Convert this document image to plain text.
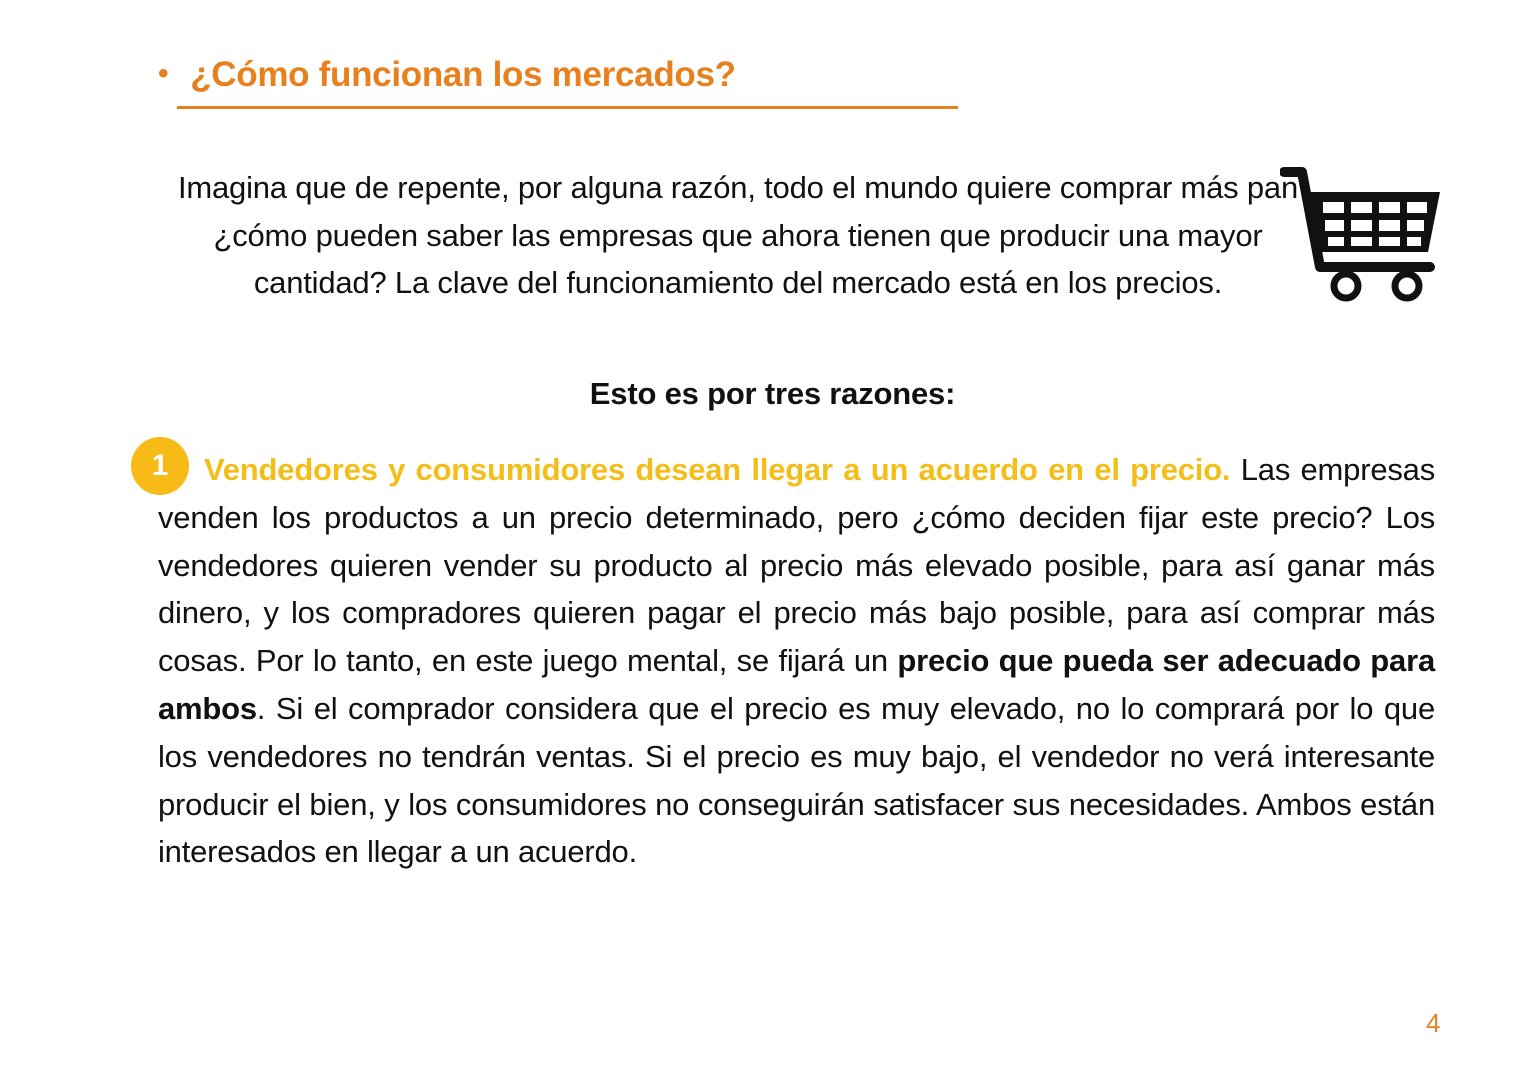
• ¿Cómo funcionan los mercados?
Imagina que de repente, por alguna razón, todo el mundo quiere comprar más pan ¿cómo pueden saber las empresas que ahora tienen que producir una mayor cantidad? La clave del funcionamiento del mercado está en los precios.
Esto es por tres razones:
1	Vendedores y consumidores desean llegar a un acuerdo en el precio. Las empresas venden los productos a un precio determinado, pero ¿cómo deciden fijar este precio? Los vendedores quieren vender su producto al precio más elevado posible, para así ganar más dinero, y los compradores quieren pagar el precio más bajo posible, para así comprar más cosas. Por lo tanto, en este juego mental, se fijará un precio que pueda ser adecuado para ambos. Si el comprador considera que el precio es muy elevado, no lo comprará por lo que los vendedores no tendrán ventas. Si el precio es muy bajo, el vendedor no verá interesante producir el bien, y los consumidores no conseguirán satisfacer sus necesidades. Ambos están interesados en llegar a un acuerdo.

4
